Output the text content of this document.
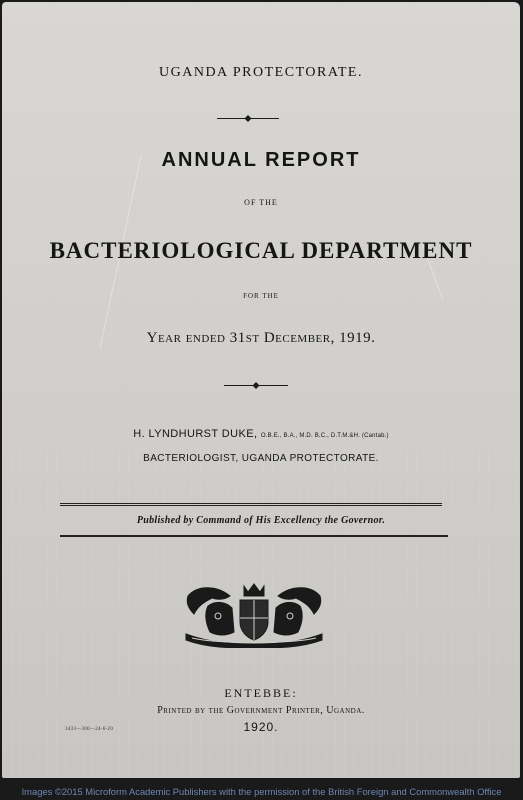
UGANDA PROTECTORATE.

ANNUAL REPORT

OF THE

BACTERIOLOGICAL DEPARTMENT

FOR THE

Year ended 31st December, 1919.

H. LYNDHURST DUKE, O.B.E., B.A., M.D. B.C., D.T.M.&H. (Cantab.)

BACTERIOLOGIST, UGANDA PROTECTORATE.

Published by Command of His Excellency the Governor.

ENTEBBE:

Printed by the Government Printer, Uganda.

1920.

3433—300—24-6-20

Images ©2015 Microform Academic Publishers with the permission of the British Foreign and Commonwealth Office
